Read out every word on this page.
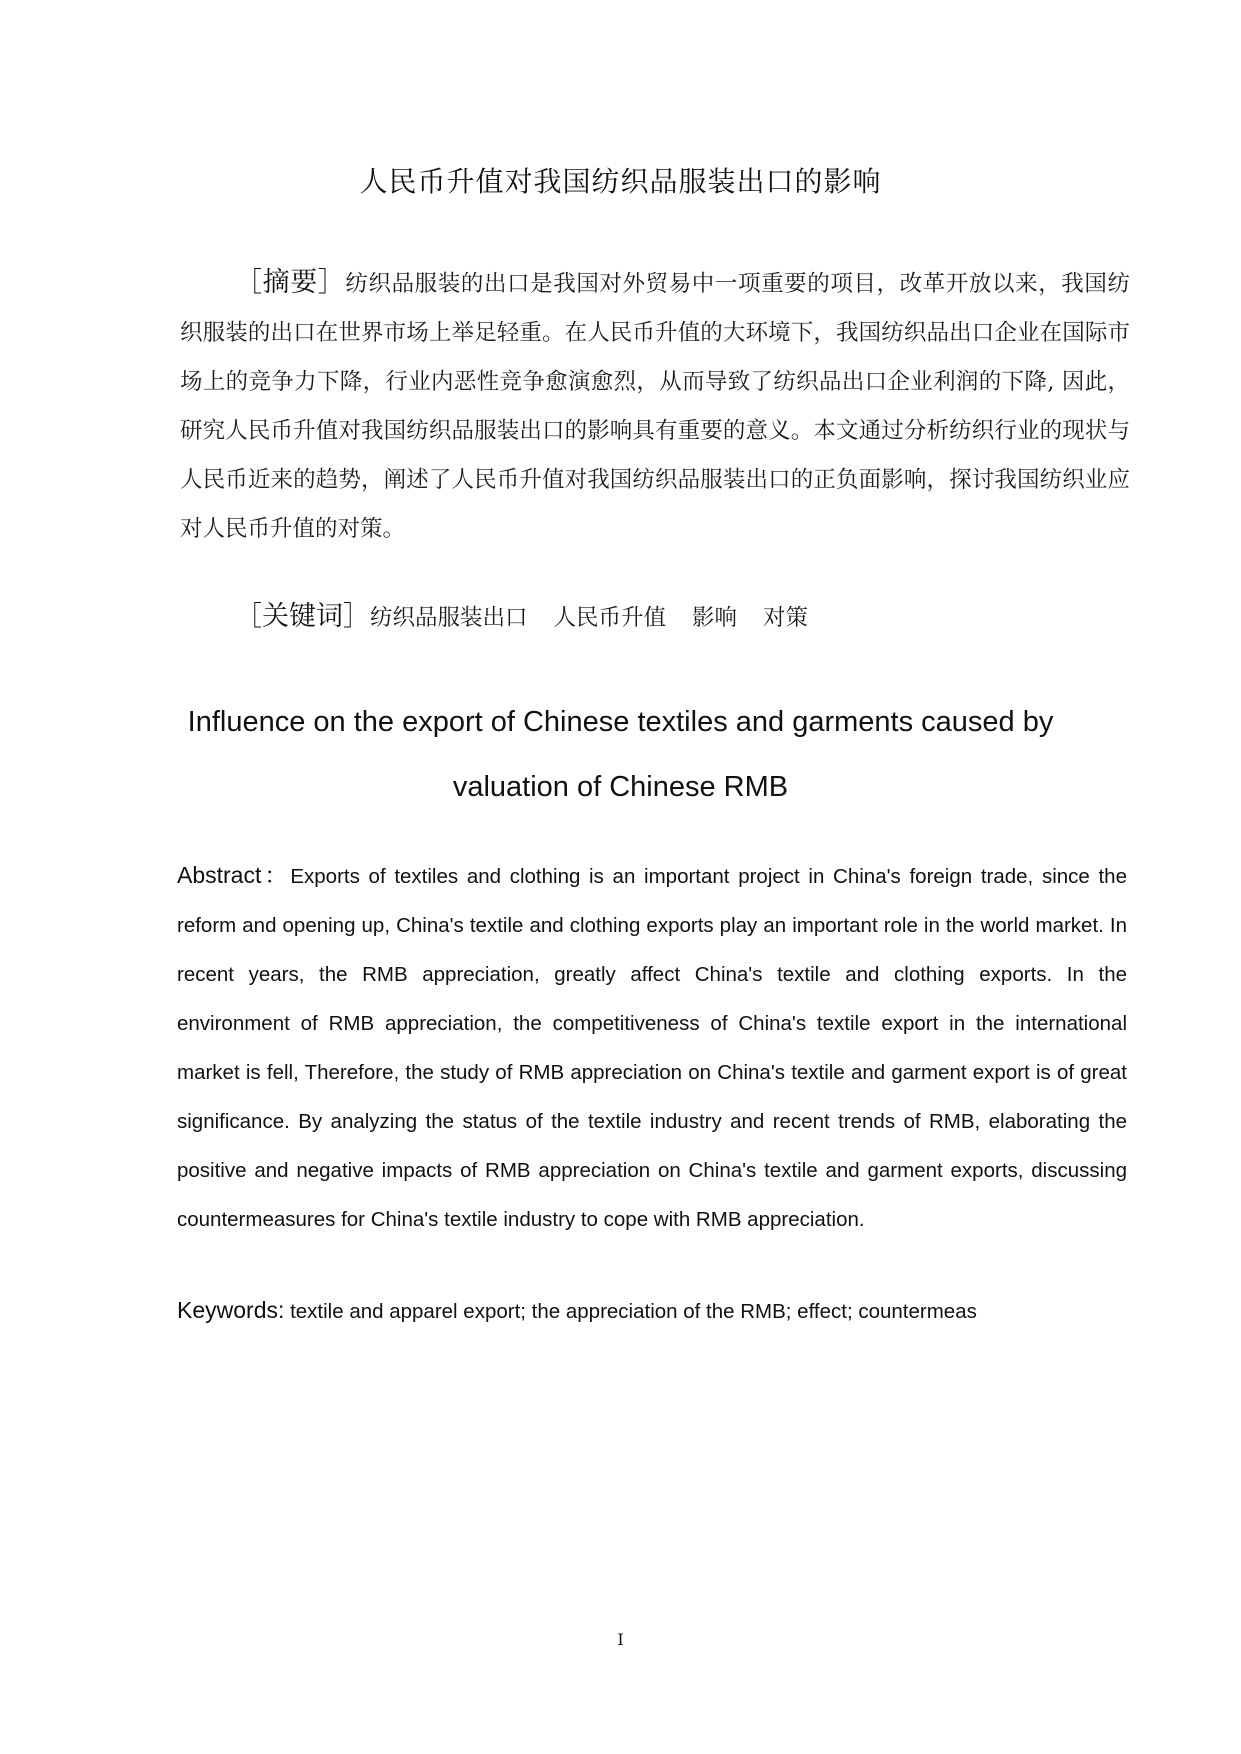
人民币升值对我国纺织品服装出口的影响

［摘要］纺织品服装的出口是我国对外贸易中一项重要的项目，改革开放以来，我国纺织服装的出口在世界市场上举足轻重。在人民币升值的大环境下，我国纺织品出口企业在国际市场上的竞争力下降，行业内恶性竞争愈演愈烈，从而导致了纺织品出口企业利润的下降, 因此，研究人民币升值对我国纺织品服装出口的影响具有重要的意义。本文通过分析纺织行业的现状与人民币近来的趋势，阐述了人民币升值对我国纺织品服装出口的正负面影响，探讨我国纺织业应对人民币升值的对策。

［关键词］纺织品服装出口 人民币升值 影响 对策
Influence on the export of Chinese textiles and garments caused by
valuation of Chinese RMB

Abstract：Exports of textiles and clothing is an important project in China's foreign trade, since the reform and opening up, China's textile and clothing exports play an important role in the world market. In recent years, the RMB appreciation, greatly affect China's textile and clothing exports. In the environment of RMB appreciation, the competitiveness of China's textile export in the international market is fell, Therefore, the study of RMB appreciation on China's textile and garment export is of great significance. By analyzing the status of the textile industry and recent trends of RMB, elaborating the positive and negative impacts of RMB appreciation on China's textile and garment exports, discussing countermeasures for China's textile industry to cope with RMB appreciation.

Keywords: textile and apparel export; the appreciation of the RMB; effect; countermeas
I
